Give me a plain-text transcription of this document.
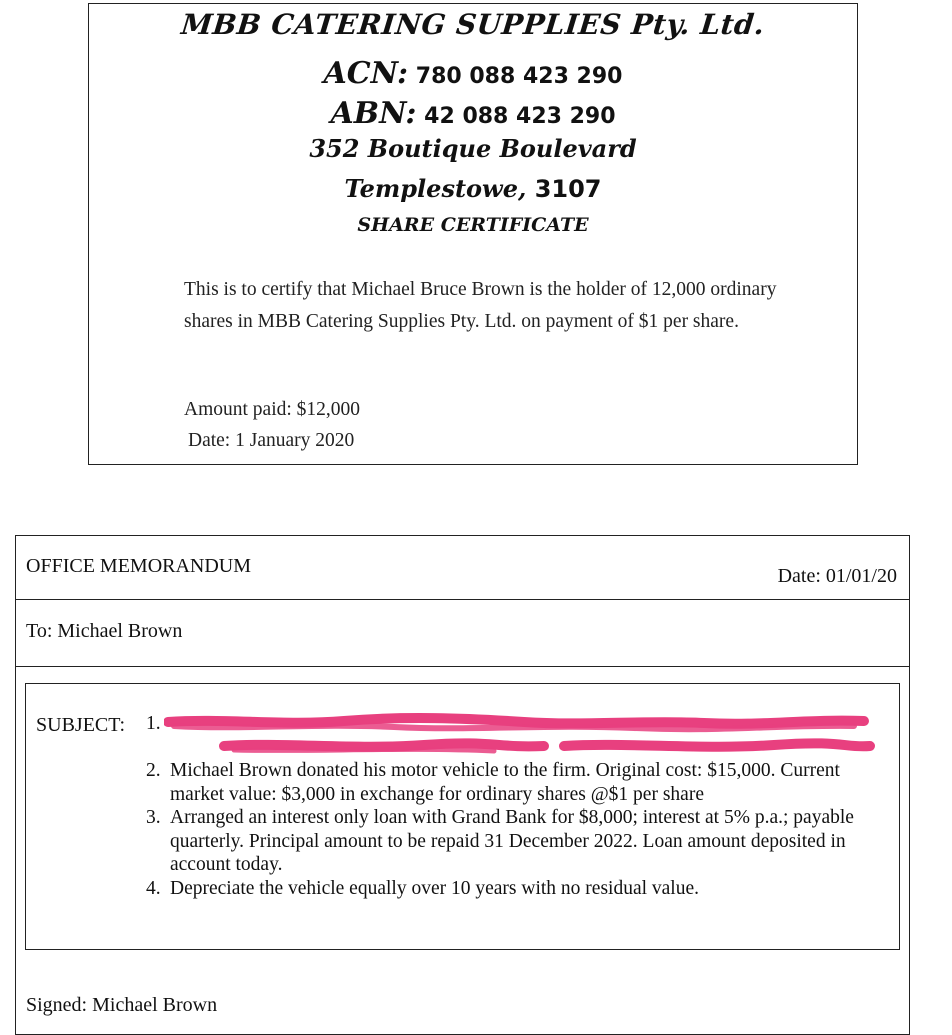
MBB CATERING SUPPLIES Pty. Ltd.
ACN: 780 088 423 290
ABN: 42 088 423 290
352 Boutique Boulevard
Templestowe, 3107
SHARE CERTIFICATE
This is to certify that Michael Bruce Brown is the holder of 12,000 ordinary shares in MBB Catering Supplies Pty. Ltd. on payment of $1 per share.
Amount paid: $12,000
Date: 1 January 2020
OFFICE MEMORANDUM	Date: 01/01/20
To: Michael Brown
SUBJECT: 1.
2. Michael Brown donated his motor vehicle to the firm. Original cost: $15,000. Current market value: $3,000 in exchange for ordinary shares @$1 per share
3. Arranged an interest only loan with Grand Bank for $8,000; interest at 5% p.a.; payable quarterly. Principal amount to be repaid 31 December 2022. Loan amount deposited in account today.
4. Depreciate the vehicle equally over 10 years with no residual value.
Signed: Michael Brown
